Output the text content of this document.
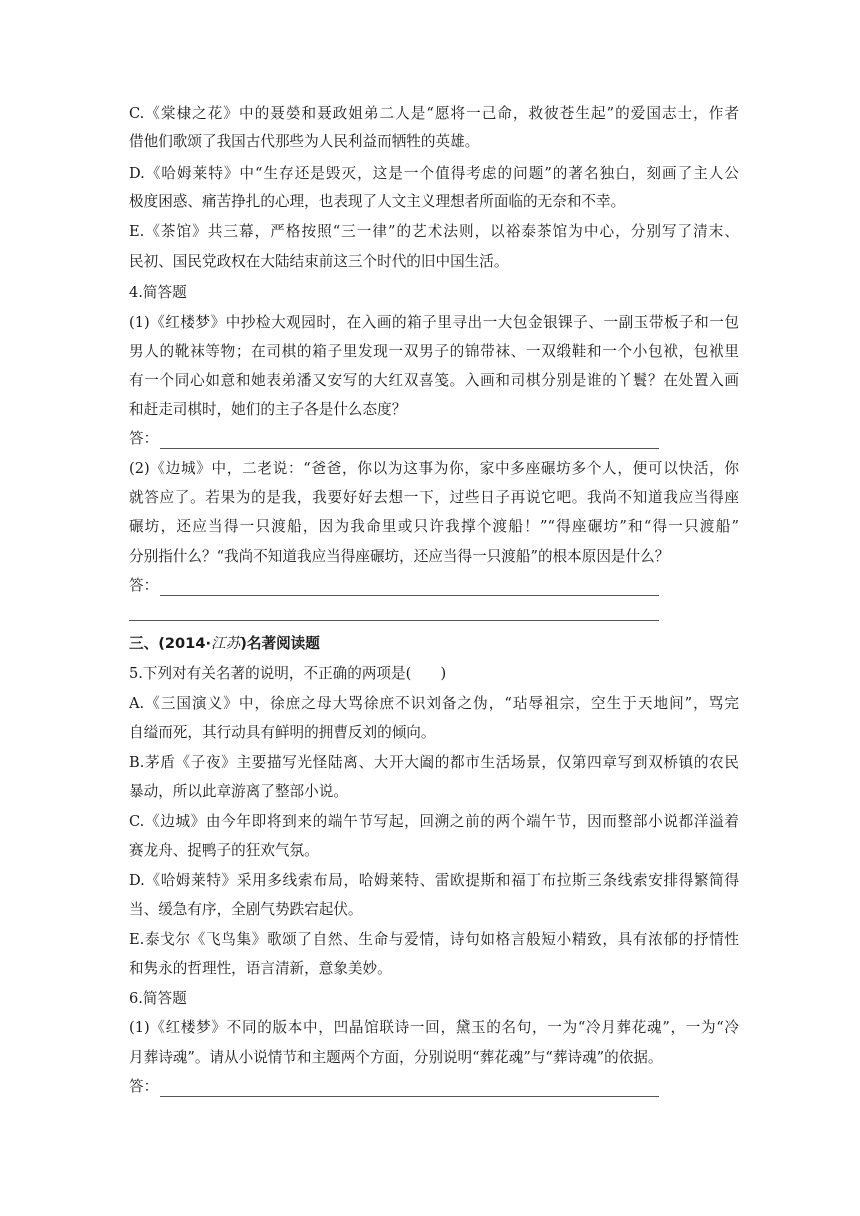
C.《棠棣之花》中的聂嫈和聂政姐弟二人是“愿将一己命，救彼苍生起”的爱国志士，作者
借他们歌颂了我国古代那些为人民利益而牺牲的英雄。
D.《哈姆莱特》中“生存还是毁灭，这是一个值得考虑的问题”的著名独白，刻画了主人公
极度困惑、痛苦挣扎的心理，也表现了人文主义理想者所面临的无奈和不幸。
E.《茶馆》共三幕，严格按照“三一律”的艺术法则，以裕泰茶馆为中心，分别写了清末、
民初、国民党政权在大陆结束前这三个时代的旧中国生活。
4.简答题
(1)《红楼梦》中抄检大观园时，在入画的箱子里寻出一大包金银锞子、一副玉带板子和一包
男人的靴袜等物；在司棋的箱子里发现一双男子的锦带袜、一双缎鞋和一个小包袱，包袱里
有一个同心如意和她表弟潘又安写的大红双喜笺。入画和司棋分别是谁的丫鬟？在处置入画
和赶走司棋时，她们的主子各是什么态度？
答：
(2)《边城》中，二老说：“爸爸，你以为这事为你，家中多座碾坊多个人，便可以快活，你
就答应了。若果为的是我，我要好好去想一下，过些日子再说它吧。我尚不知道我应当得座
碾坊，还应当得一只渡船，因为我命里或只许我撑个渡船！”“得座碾坊”和“得一只渡船”
分别指什么？“我尚不知道我应当得座碾坊，还应当得一只渡船”的根本原因是什么？
答：
三、(2014·江苏)名著阅读题
5.下列对有关名著的说明，不正确的两项是(　　)
A.《三国演义》中，徐庶之母大骂徐庶不识刘备之伪，“玷辱祖宗，空生于天地间”，骂完
自缢而死，其行动具有鲜明的拥曹反刘的倾向。
B.茅盾《子夜》主要描写光怪陆离、大开大阖的都市生活场景，仅第四章写到双桥镇的农民
暴动，所以此章游离了整部小说。
C.《边城》由今年即将到来的端午节写起，回溯之前的两个端午节，因而整部小说都洋溢着
赛龙舟、捉鸭子的狂欢气氛。
D.《哈姆莱特》采用多线索布局，哈姆莱特、雷欧提斯和福丁布拉斯三条线索安排得繁简得
当、缓急有序，全剧气势跌宕起伏。
E.泰戈尔《飞鸟集》歌颂了自然、生命与爱情，诗句如格言般短小精致，具有浓郁的抒情性
和隽永的哲理性，语言清新，意象美妙。
6.简答题
(1)《红楼梦》不同的版本中，凹晶馆联诗一回，黛玉的名句，一为“冷月葬花魂”，一为“冷
月葬诗魂”。请从小说情节和主题两个方面，分别说明“葬花魂”与“葬诗魂”的依据。
答：
